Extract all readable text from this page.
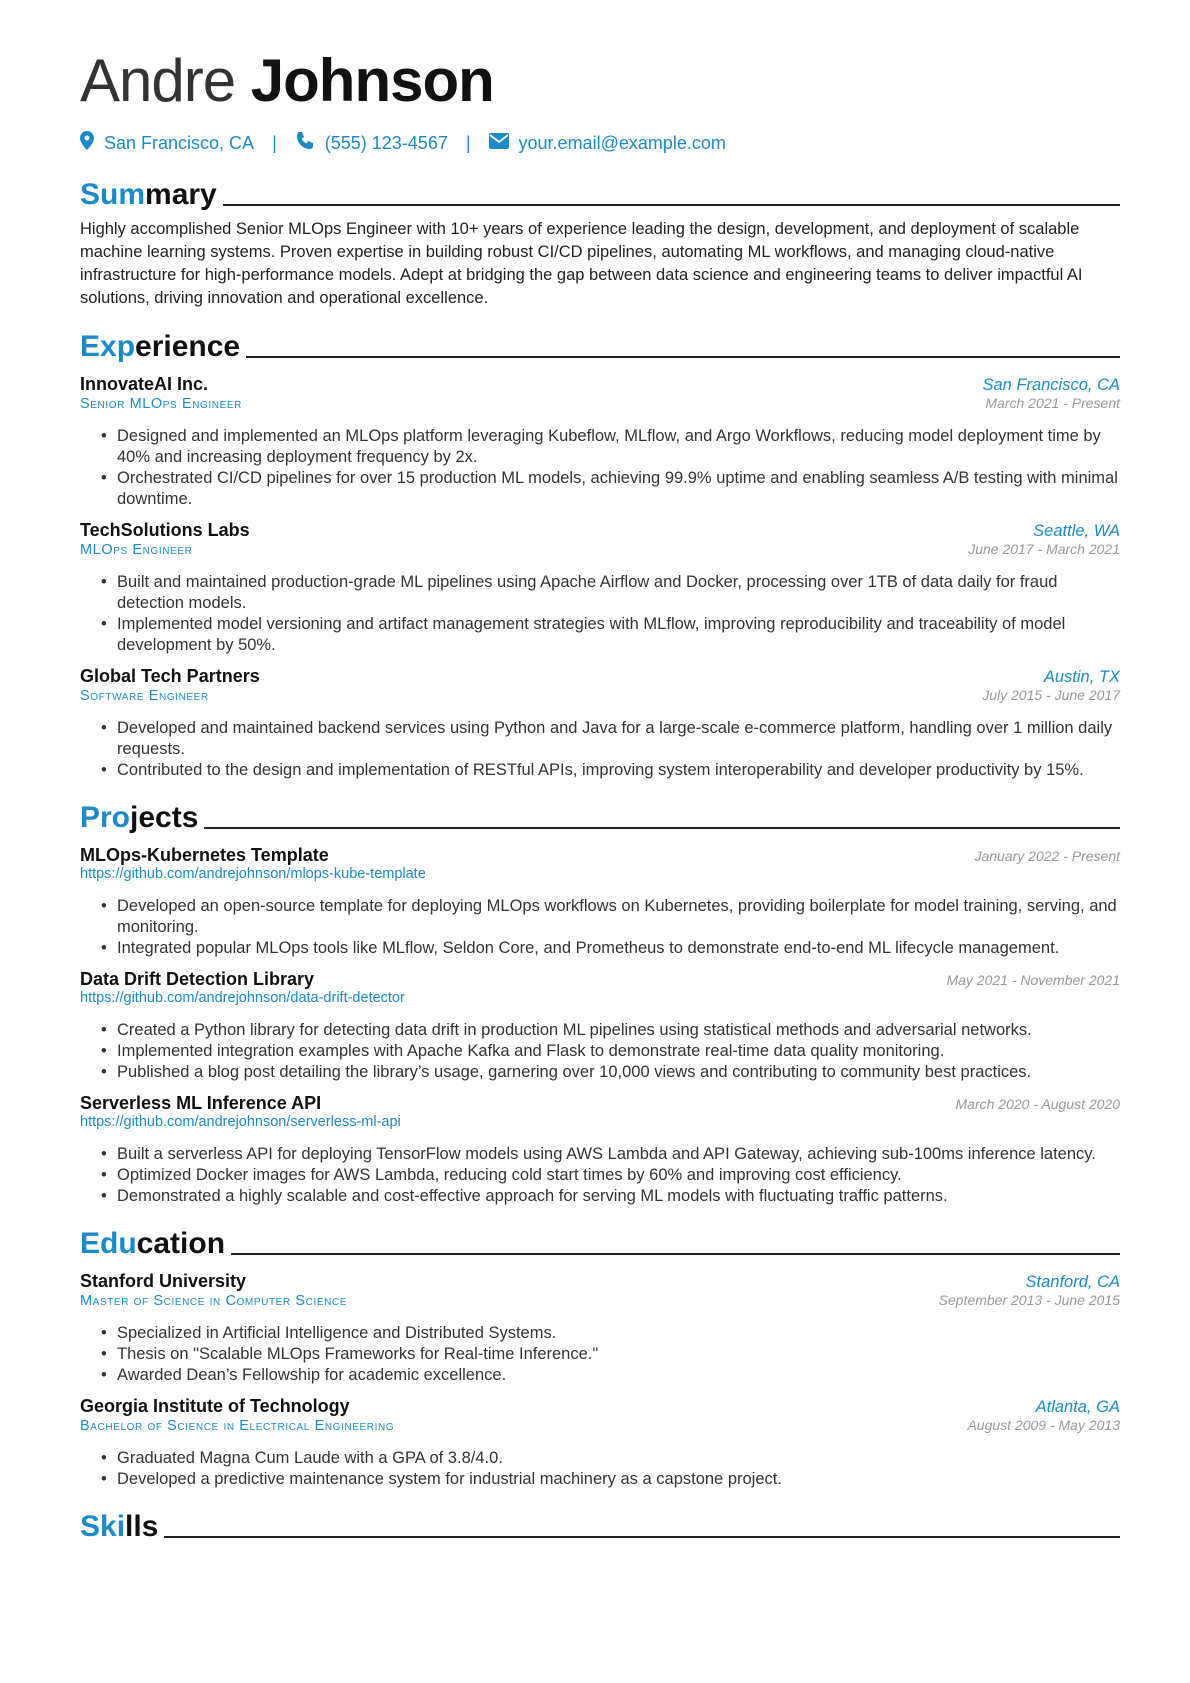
Andre Johnson
San Francisco, CA |	(555) 123-4567 |	your.email@example.com
Summary

Highly accomplished Senior MLOps Engineer with 10+ years of experience leading the design, development, and deployment of scalable machine learning systems. Proven expertise in building robust CI/CD pipelines, automating ML workflows, and managing cloud-native infrastructure for high-performance models. Adept at bridging the gap between data science and engineering teams to deliver impactful AI solutions, driving innovation and operational excellence.

Experience
InnovateAI Inc.	San Francisco, CA
Senior MLOps Engineer	March 2021 - Present
• Designed and implemented an MLOps platform leveraging Kubeflow, MLflow, and Argo Workflows, reducing model deployment time by 40% and increasing deployment frequency by 2x.
• Orchestrated CI/CD pipelines for over 15 production ML models, achieving 99.9% uptime and enabling seamless A/B testing with minimal downtime.
TechSolutions Labs	Seattle, WA
MLOps Engineer	June 2017 - March 2021
• Built and maintained production-grade ML pipelines using Apache Airflow and Docker, processing over 1TB of data daily for fraud detection models.
• Implemented model versioning and artifact management strategies with MLflow, improving reproducibility and traceability of model development by 50%.
Global Tech Partners	Austin, TX
Software Engineer	July 2015 - June 2017
• Developed and maintained backend services using Python and Java for a large-scale e-commerce platform, handling over 1 million daily requests.
• Contributed to the design and implementation of RESTful APIs, improving system interoperability and developer productivity by 15%.
Projects
MLOps-Kubernetes Template	January 2022 - Present
https://github.com/andrejohnson/mlops-kube-template
• Developed an open-source template for deploying MLOps workflows on Kubernetes, providing boilerplate for model training, serving, and monitoring.
• Integrated popular MLOps tools like MLflow, Seldon Core, and Prometheus to demonstrate end-to-end ML lifecycle management.
Data Drift Detection Library	May 2021 - November 2021
https://github.com/andrejohnson/data-drift-detector
• Created a Python library for detecting data drift in production ML pipelines using statistical methods and adversarial networks.
• Implemented integration examples with Apache Kafka and Flask to demonstrate real-time data quality monitoring.
• Published a blog post detailing the library’s usage, garnering over 10,000 views and contributing to community best practices.
Serverless ML Inference API	March 2020 - August 2020
https://github.com/andrejohnson/serverless-ml-api
• Built a serverless API for deploying TensorFlow models using AWS Lambda and API Gateway, achieving sub-100ms inference latency.
• Optimized Docker images for AWS Lambda, reducing cold start times by 60% and improving cost efficiency.
• Demonstrated a highly scalable and cost-effective approach for serving ML models with fluctuating traffic patterns.
Education
Stanford University	Stanford, CA
Master of Science in Computer Science	September 2013 - June 2015
• Specialized in Artificial Intelligence and Distributed Systems.
• Thesis on "Scalable MLOps Frameworks for Real-time Inference."
• Awarded Dean’s Fellowship for academic excellence.
Georgia Institute of Technology	Atlanta, GA
Bachelor of Science in Electrical Engineering	August 2009 - May 2013
• Graduated Magna Cum Laude with a GPA of 3.8/4.0.
• Developed a predictive maintenance system for industrial machinery as a capstone project.
Skills
